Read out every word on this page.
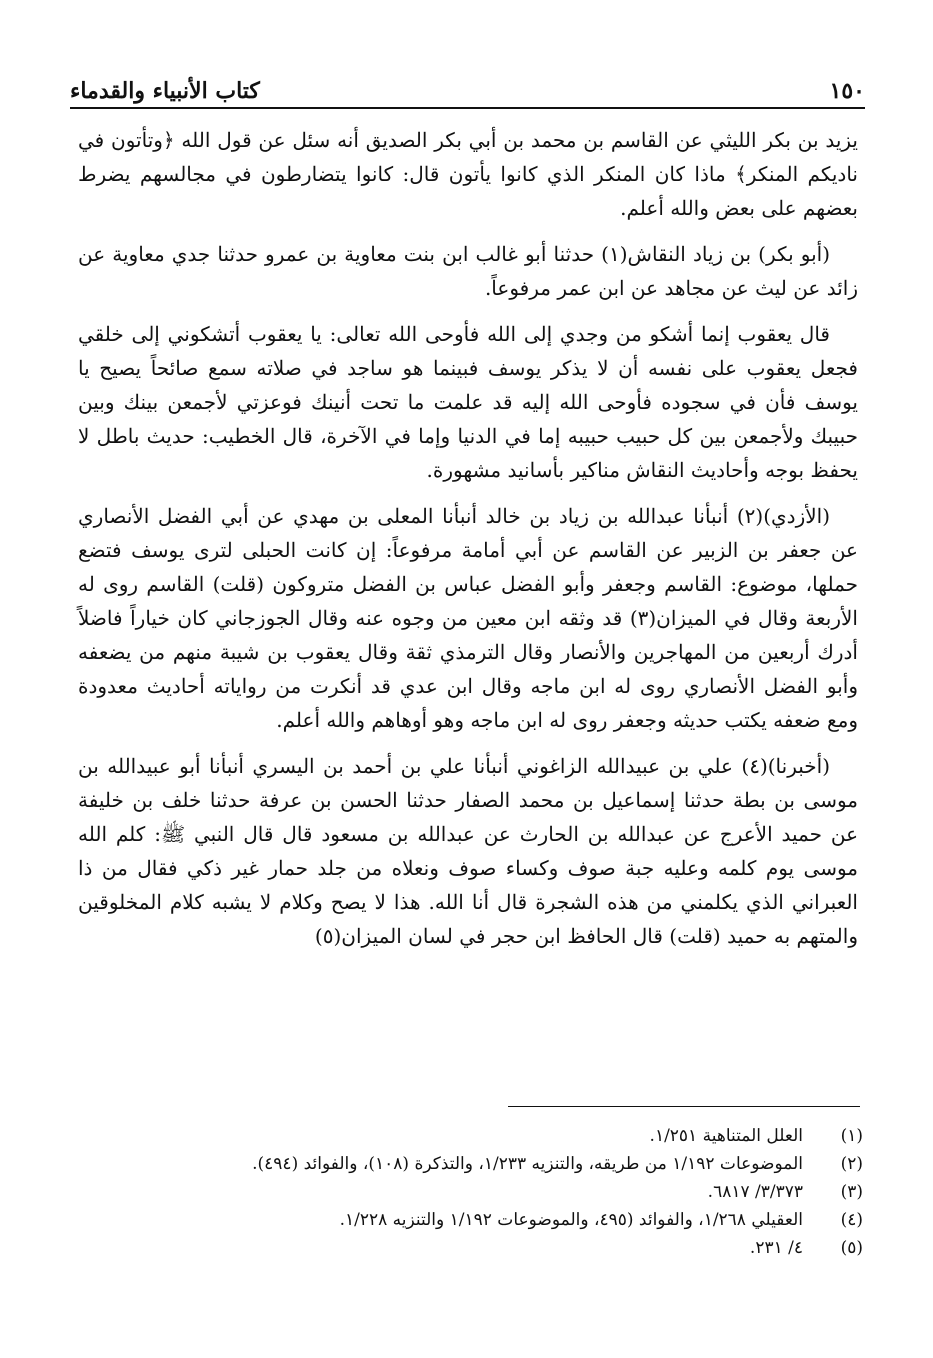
١٥٠
كتاب الأنبياء والقدماء

يزيد بن بكر الليثي عن القاسم بن محمد بن أبي بكر الصديق أنه سئل عن قول الله ﴿وتأتون في ناديكم المنكر﴾ ماذا كان المنكر الذي كانوا يأتون قال: كانوا يتضارطون في مجالسهم يضرط بعضهم على بعض والله أعلم.

(أبو بكر) بن زياد النقاش(١) حدثنا أبو غالب ابن بنت معاوية بن عمرو حدثنا جدي معاوية عن زائد عن ليث عن مجاهد عن ابن عمر مرفوعاً.

قال يعقوب إنما أشكو من وجدي إلى الله فأوحى الله تعالى: يا يعقوب أتشكوني إلى خلقي فجعل يعقوب على نفسه أن لا يذكر يوسف فبينما هو ساجد في صلاته سمع صائحاً يصيح يا يوسف فأن في سجوده فأوحى الله إليه قد علمت ما تحت أنينك فوعزتي لأجمعن بينك وبين حبيبك ولأجمعن بين كل حبيب حبيبه إما في الدنيا وإما في الآخرة، قال الخطيب: حديث باطل لا يحفظ بوجه وأحاديث النقاش مناكير بأسانيد مشهورة.

(الأزدي)(٢) أنبأنا عبدالله بن زياد بن خالد أنبأنا المعلى بن مهدي عن أبي الفضل الأنصاري عن جعفر بن الزبير عن القاسم عن أبي أمامة مرفوعاً: إن كانت الحبلى لترى يوسف فتضع حملها، موضوع: القاسم وجعفر وأبو الفضل عباس بن الفضل متروكون (قلت) القاسم روى له الأربعة وقال في الميزان(٣) قد وثقه ابن معين من وجوه عنه وقال الجوزجاني كان خياراً فاضلاً أدرك أربعين من المهاجرين والأنصار وقال الترمذي ثقة وقال يعقوب بن شيبة منهم من يضعفه وأبو الفضل الأنصاري روى له ابن ماجه وقال ابن عدي قد أنكرت من رواياته أحاديث معدودة ومع ضعفه يكتب حديثه وجعفر روى له ابن ماجه وهو أوهاهم والله أعلم.

(أخبرنا)(٤) علي بن عبيدالله الزاغوني أنبأنا علي بن أحمد بن اليسري أنبأنا أبو عبيدالله بن موسى بن بطة حدثنا إسماعيل بن محمد الصفار حدثنا الحسن بن عرفة حدثنا خلف بن خليفة عن حميد الأعرج عن عبدالله بن الحارث عن عبدالله بن مسعود قال قال النبي ﷺ: كلم الله موسى يوم كلمه وعليه جبة صوف وكساء صوف ونعلاه من جلد حمار غير ذكي فقال من ذا العبراني الذي يكلمني من هذه الشجرة قال أنا الله. هذا لا يصح وكلام لا يشبه كلام المخلوقين والمتهم به حميد (قلت) قال الحافظ ابن حجر في لسان الميزان(٥)

(١)
العلل المتناهية ١/٢٥١.
(٢)
الموضوعات ١/١٩٢ من طريقه، والتنزيه ١/٢٣٣، والتذكرة (١٠٨)، والفوائد (٤٩٤).
(٣)
٣/٣٧٣/ ٦٨١٧.
(٤)
العقيلي ١/٢٦٨، والفوائد (٤٩٥، والموضوعات ١/١٩٢ والتنزيه ١/٢٢٨.
(٥)
٤/ ٢٣١.
